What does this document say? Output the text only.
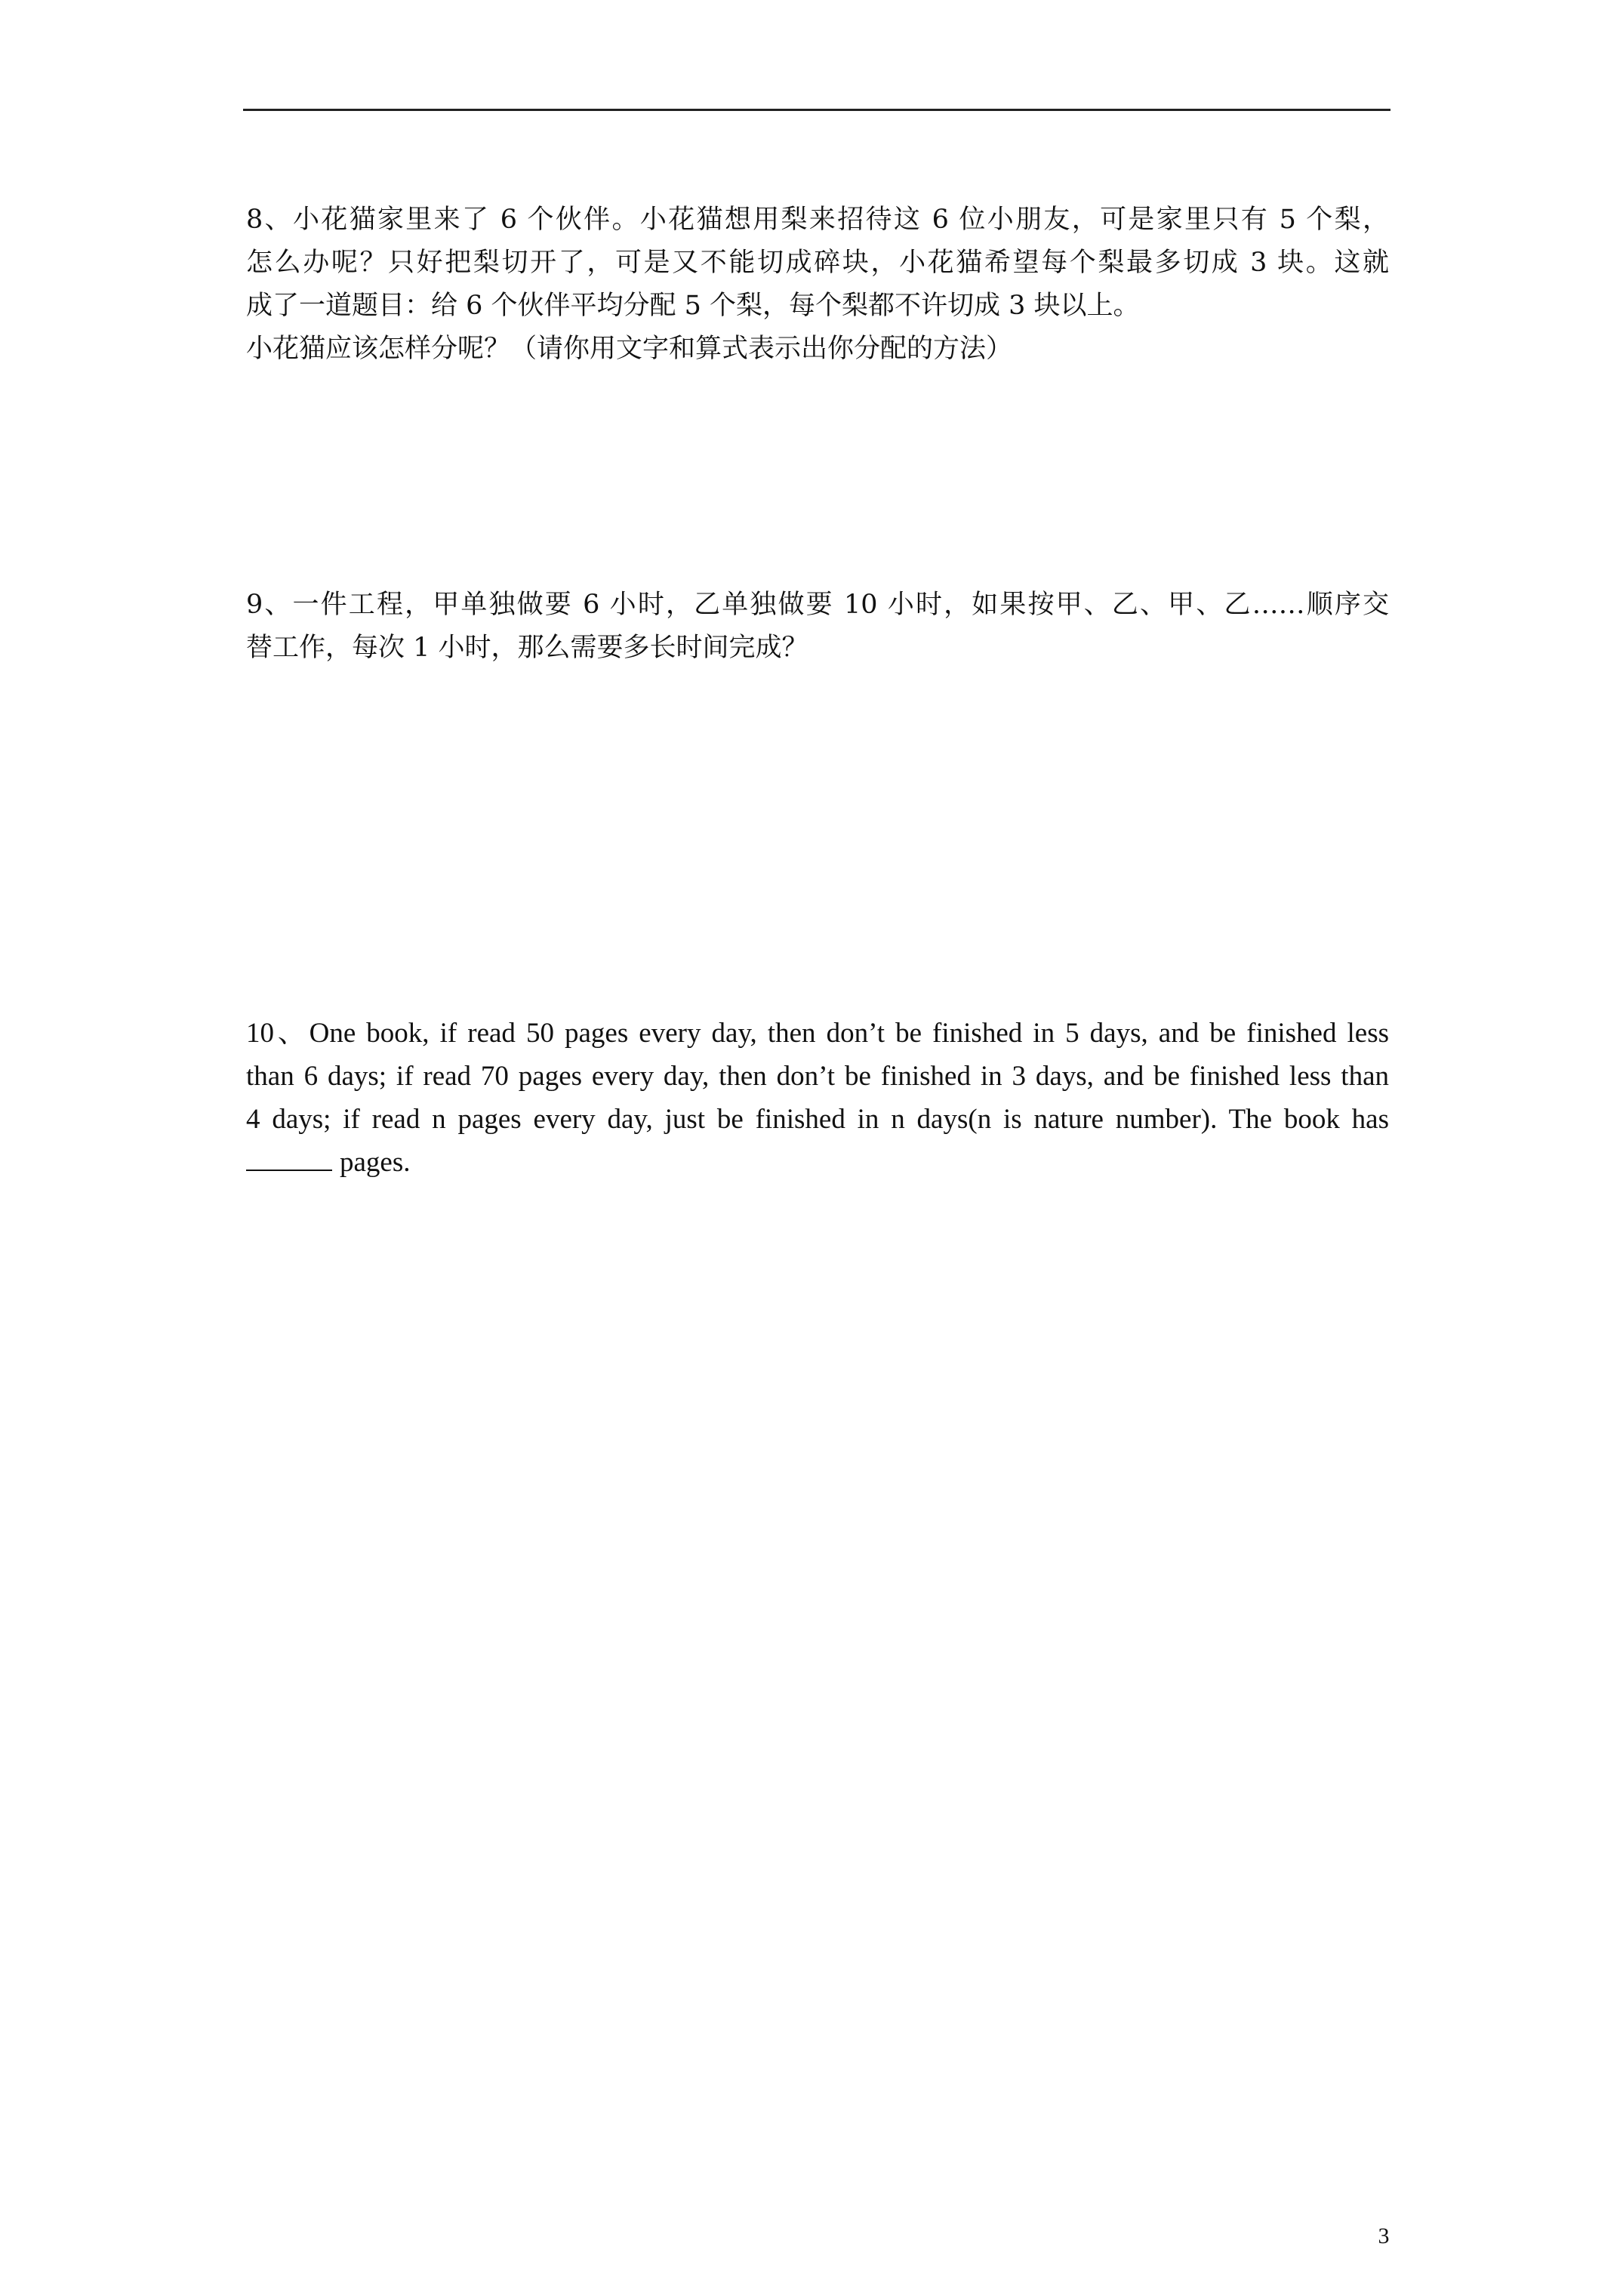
8、小花猫家里来了 6 个伙伴。小花猫想用梨来招待这 6 位小朋友，可是家里只有 5 个梨，
怎么办呢？只好把梨切开了，可是又不能切成碎块，小花猫希望每个梨最多切成 3 块。这就
成了一道题目：给 6 个伙伴平均分配 5 个梨，每个梨都不许切成 3 块以上。
小花猫应该怎样分呢？（请你用文字和算式表示出你分配的方法）
9、一件工程，甲单独做要 6 小时，乙单独做要 10 小时，如果按甲、乙、甲、乙……顺序交
替工作，每次 1 小时，那么需要多长时间完成？
10、One book, if read 50 pages every day, then don’t be finished in 5 days, and be finished less
than 6 days; if read 70 pages every day, then don’t be finished in 3 days, and be finished less than
4 days; if read n pages every day, just be finished in n days(n is nature number). The book has
pages.
3
